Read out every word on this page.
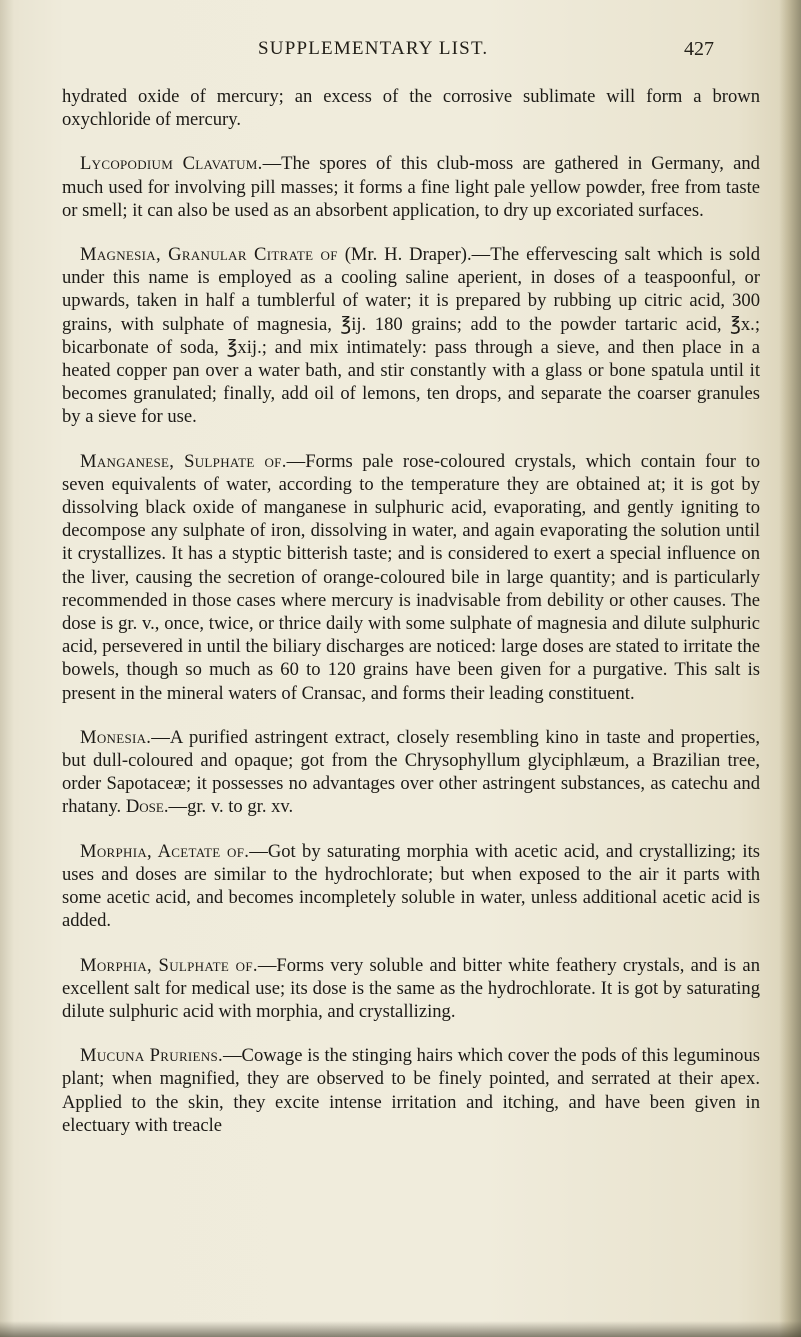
SUPPLEMENTARY LIST.	427

hydrated oxide of mercury; an excess of the corrosive sublimate will form a brown oxychloride of mercury.

Lycopodium Clavatum.—The spores of this club-moss are gathered in Germany, and much used for involving pill masses; it forms a fine light pale yellow powder, free from taste or smell; it can also be used as an absorbent application, to dry up excoriated surfaces.

Magnesia, Granular Citrate of (Mr. H. Draper).—The effervescing salt which is sold under this name is employed as a cooling saline aperient, in doses of a teaspoonful, or upwards, taken in half a tumblerful of water; it is prepared by rubbing up citric acid, 300 grains, with sulphate of magnesia, ℥ij. 180 grains; add to the powder tartaric acid, ℥x.; bicarbonate of soda, ℥xij.; and mix intimately: pass through a sieve, and then place in a heated copper pan over a water bath, and stir constantly with a glass or bone spatula until it becomes granulated; finally, add oil of lemons, ten drops, and separate the coarser granules by a sieve for use.

Manganese, Sulphate of.—Forms pale rose-coloured crystals, which contain four to seven equivalents of water, according to the temperature they are obtained at; it is got by dissolving black oxide of manganese in sulphuric acid, evaporating, and gently igniting to decompose any sulphate of iron, dissolving in water, and again evaporating the solution until it crystallizes. It has a styptic bitterish taste; and is considered to exert a special influence on the liver, causing the secretion of orange-coloured bile in large quantity; and is particularly recommended in those cases where mercury is inadvisable from debility or other causes. The dose is gr. v., once, twice, or thrice daily with some sulphate of magnesia and dilute sulphuric acid, persevered in until the biliary discharges are noticed: large doses are stated to irritate the bowels, though so much as 60 to 120 grains have been given for a purgative. This salt is present in the mineral waters of Cransac, and forms their leading constituent.

Monesia.—A purified astringent extract, closely resembling kino in taste and properties, but dull-coloured and opaque; got from the Chrysophyllum glyciphlæum, a Brazilian tree, order Sapotaceæ; it possesses no advantages over other astringent substances, as catechu and rhatany. Dose.—gr. v. to gr. xv.

Morphia, Acetate of.—Got by saturating morphia with acetic acid, and crystallizing; its uses and doses are similar to the hydrochlorate; but when exposed to the air it parts with some acetic acid, and becomes incompletely soluble in water, unless additional acetic acid is added.

Morphia, Sulphate of.—Forms very soluble and bitter white feathery crystals, and is an excellent salt for medical use; its dose is the same as the hydrochlorate. It is got by saturating dilute sulphuric acid with morphia, and crystallizing.

Mucuna Pruriens.—Cowage is the stinging hairs which cover the pods of this leguminous plant; when magnified, they are observed to be finely pointed, and serrated at their apex. Applied to the skin, they excite intense irritation and itching, and have been given in electuary with treacle
